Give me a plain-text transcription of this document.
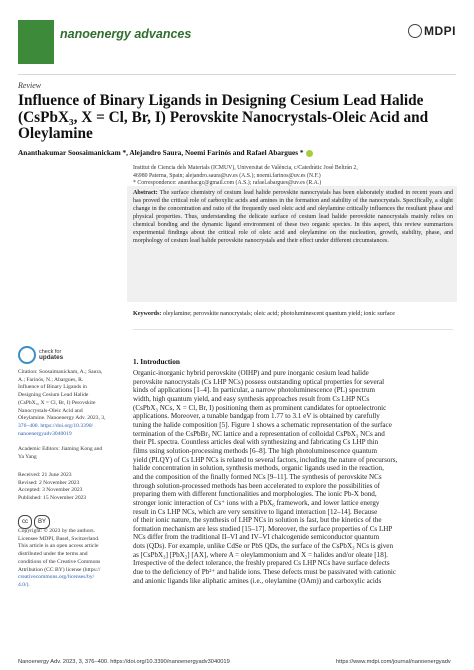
nanoenergy advances	MDPI
Review
Influence of Binary Ligands in Designing Cesium Lead Halide (CsPbX₃, X = Cl, Br, I) Perovskite Nanocrystals-Oleic Acid and Oleylamine
Ananthakumar Soosaimanickam *, Alejandro Saura, Noemi Farinós and Rafael Abargues *
Institut de Ciencia dels Materials (ICMUV), Universitat de València, c/Catedràtic José Beltrán 2,
46980 Paterna, Spain; alejandro.saura@uv.es (A.S.); noemi.farinos@uv.es (N.F.)
* Correspondence: ananthacgc@gmail.com (A.S.); rafael.abargues@uv.es (R.A.)
Abstract: The surface chemistry of cesium lead halide perovskite nanocrystals has been elaborately studied in recent years and has proved the critical role of carboxylic acids and amines in the formation and stability of the nanocrystals. Specifically, a slight change in the concentration and ratio of the frequently used oleic acid and oleylamine critically influences the resultant phase and physical properties. Thus, understanding the delicate surface of cesium lead halide perovskite nanocrystals mainly relies on chemical bonding and the dynamic ligand environment of these two organic species. In this aspect, this review summarizes experimental findings about the critical role of oleic acid and oleylamine on the nucleation, growth, stability, phase, and morphology of cesium lead halide perovskite nanocrystals and their effect under different circumstances.
Keywords: oleylamine; perovskite nanocrystals; oleic acid; photoluminescent quantum yield; ionic surface
check for
updates
Citation: Soosaimanickam, A.; Saura,
A.; Farinós, N.; Abargues, R.
Influence of Binary Ligands in
Designing Cesium Lead Halide
(CsPbX₃, X = Cl, Br, I) Perovskite
Nanocrystals-Oleic Acid and
Oleylamine. Nanoenergy Adv. 2023, 3,
376–400. https://doi.org/10.3390/
nanoenergyadv3040019
Academic Editors: Jiaming Kong and
Ya Yang
Received: 21 June 2023
Revised: 2 November 2023
Accepted: 3 November 2023
Published: 15 November 2023
cc BY
Copyright: © 2023 by the authors.
Licensee MDPI, Basel, Switzerland.
This article is an open access article
distributed under the terms and
conditions of the Creative Commons
Attribution (CC BY) license (https://
creativecommons.org/licenses/by/
4.0/).
1. Introduction
Organic-inorganic hybrid perovskite (OIHP) and pure inorganic cesium lead halide
perovskite nanocrystals (Cs LHP NCs) possess outstanding optical properties for several
kinds of applications [1–4]. In particular, a narrow photoluminescence (PL) spectrum
width, high quantum yield, and easy synthesis approaches result from Cs LHP NCs
(CsPbX₃ NCs, X = Cl, Br, I) positioning them as prominent candidates for optoelectronic
applications. Moreover, a tunable bandgap from 1.77 to 3.1 eV is obtained by carefully
tuning the halide composition [5]. Figure 1 shows a schematic representation of the surface
termination of the CsPbBr₃ NC lattice and a representation of colloidal CsPbX₃ NCs and
their PL spectra. Countless articles deal with synthesizing and fabricating Cs LHP thin
films using solution-processing methods [6–8]. The high photoluminescence quantum
yield (PLQY) of Cs LHP NCs is related to several factors, including the nature of precursors,
halide concentration in solution, synthesis methods, organic ligands used in the reaction,
and the composition of the finally formed NCs [9–11]. The synthesis of perovskite NCs
through solution-processed methods has been accelerated to explore the possibilities of
preparing them with different functionalities and morphologies. The ionic Pb-X bond,
stronger ionic interaction of Cs⁺ ions with a PbX₆ framework, and lower lattice energy
result in Cs LHP NCs, which are very sensitive to ligand interaction [12–14]. Because
of their ionic nature, the synthesis of LHP NCs in solution is fast, but the kinetics of the
formation mechanism are less studied [15–17]. Moreover, the surface properties of Cs LHP
NCs differ from the traditional II–VI and IV–VI chalcogenide semiconductor quantum
dots (QDs). For example, unlike CdSe or PbS QDs, the surface of the CsPbX₃ NCs is given
as [CsPbX₃] [PbX₂] [AX], where A = oleylammonium and X = halides and/or oleate [18].
Irrespective of the defect tolerance, the freshly prepared Cs LHP NCs have surface defects
due to the deficiency of Pb²⁺ and halide ions. These defects must be passivated with cationic
and anionic ligands like aliphatic amines (i.e., oleylamine (OAm)) and carboxylic acids
Nanoenergy Adv. 2023, 3, 376–400. https://doi.org/10.3390/nanoenergyadv3040019	https://www.mdpi.com/journal/nanoenergyadv
